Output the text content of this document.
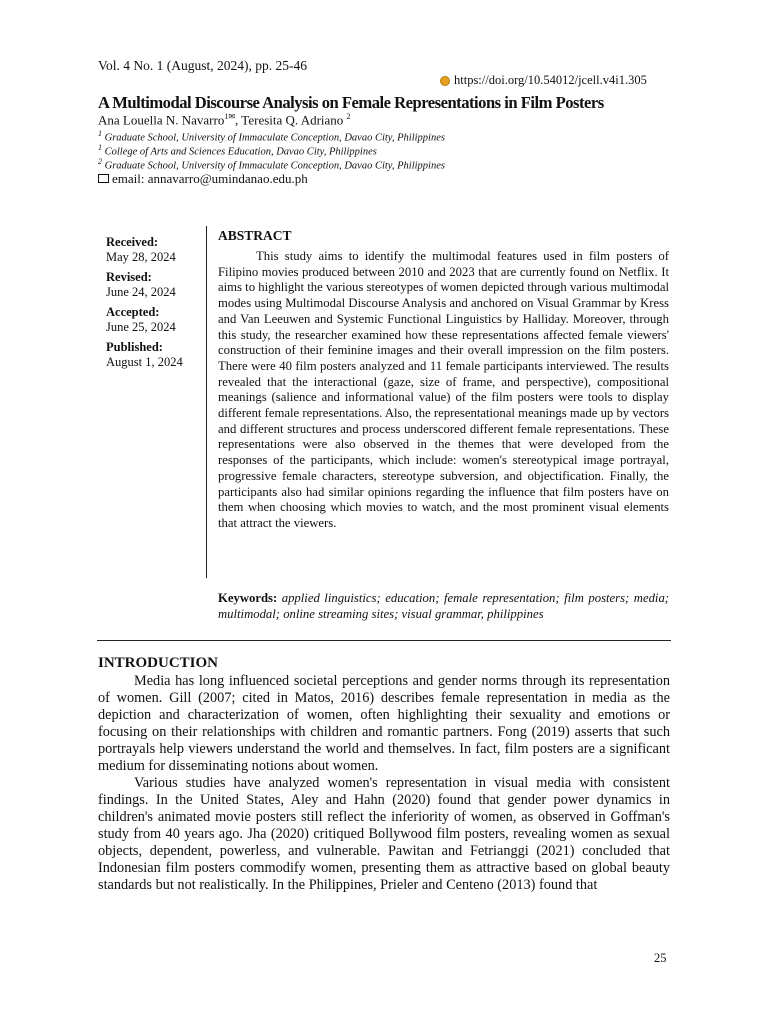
Vol. 4 No. 1 (August, 2024), pp. 25-46
https://doi.org/10.54012/jcell.v4i1.305
A Multimodal Discourse Analysis on Female Representations in Film Posters
Ana Louella N. Navarro$^{1✉}$, Teresita Q. Adriano $^2$
$^1$ Graduate School, University of Immaculate Conception, Davao City, Philippines
$^1$ College of Arts and Sciences Education, Davao City, Philippines
$^2$ Graduate School, University of Immaculate Conception, Davao City, Philippines
email: annavarro@umindanao.edu.ph
Received:
May 28, 2024
Revised:
June 24, 2024
Accepted:
June 25, 2024
Published:
August 1, 2024
ABSTRACT
This study aims to identify the multimodal features used in film posters of Filipino movies produced between 2010 and 2023 that are currently found on Netflix. It aims to highlight the various stereotypes of women depicted through various multimodal modes using Multimodal Discourse Analysis and anchored on Visual Grammar by Kress and Van Leeuwen and Systemic Functional Linguistics by Halliday. Moreover, through this study, the researcher examined how these representations affected female viewers' construction of their feminine images and their overall impression on the film posters. There were 40 film posters analyzed and 11 female participants interviewed. The results revealed that the interactional (gaze, size of frame, and perspective), compositional meanings (salience and informational value) of the film posters were tools to display different female representations. Also, the representational meanings made up by vectors and different structures and process underscored different female representations. These representations were also observed in the themes that were developed from the responses of the participants, which include: women's stereotypical image portrayal, progressive female characters, stereotype subversion, and objectification. Finally, the participants also had similar opinions regarding the influence that film posters have on them when choosing which movies to watch, and the most prominent visual elements that attract the viewers.
Keywords: applied linguistics; education; female representation; film posters; media; multimodal; online streaming sites; visual grammar, philippines
INTRODUCTION

Media has long influenced societal perceptions and gender norms through its representation of women. Gill (2007; cited in Matos, 2016) describes female representation in media as the depiction and characterization of women, often highlighting their sexuality and emotions or focusing on their relationships with children and romantic partners. Fong (2019) asserts that such portrayals help viewers understand the world and themselves. In fact, film posters are a significant medium for disseminating notions about women.

Various studies have analyzed women's representation in visual media with consistent findings. In the United States, Aley and Hahn (2020) found that gender power dynamics in children's animated movie posters still reflect the inferiority of women, as observed in Goffman's study from 40 years ago. Jha (2020) critiqued Bollywood film posters, revealing women as sexual objects, dependent, powerless, and vulnerable. Pawitan and Fetrianggi (2021) concluded that Indonesian film posters commodify women, presenting them as attractive based on global beauty standards but not realistically. In the Philippines, Prieler and Centeno (2013) found that

25
